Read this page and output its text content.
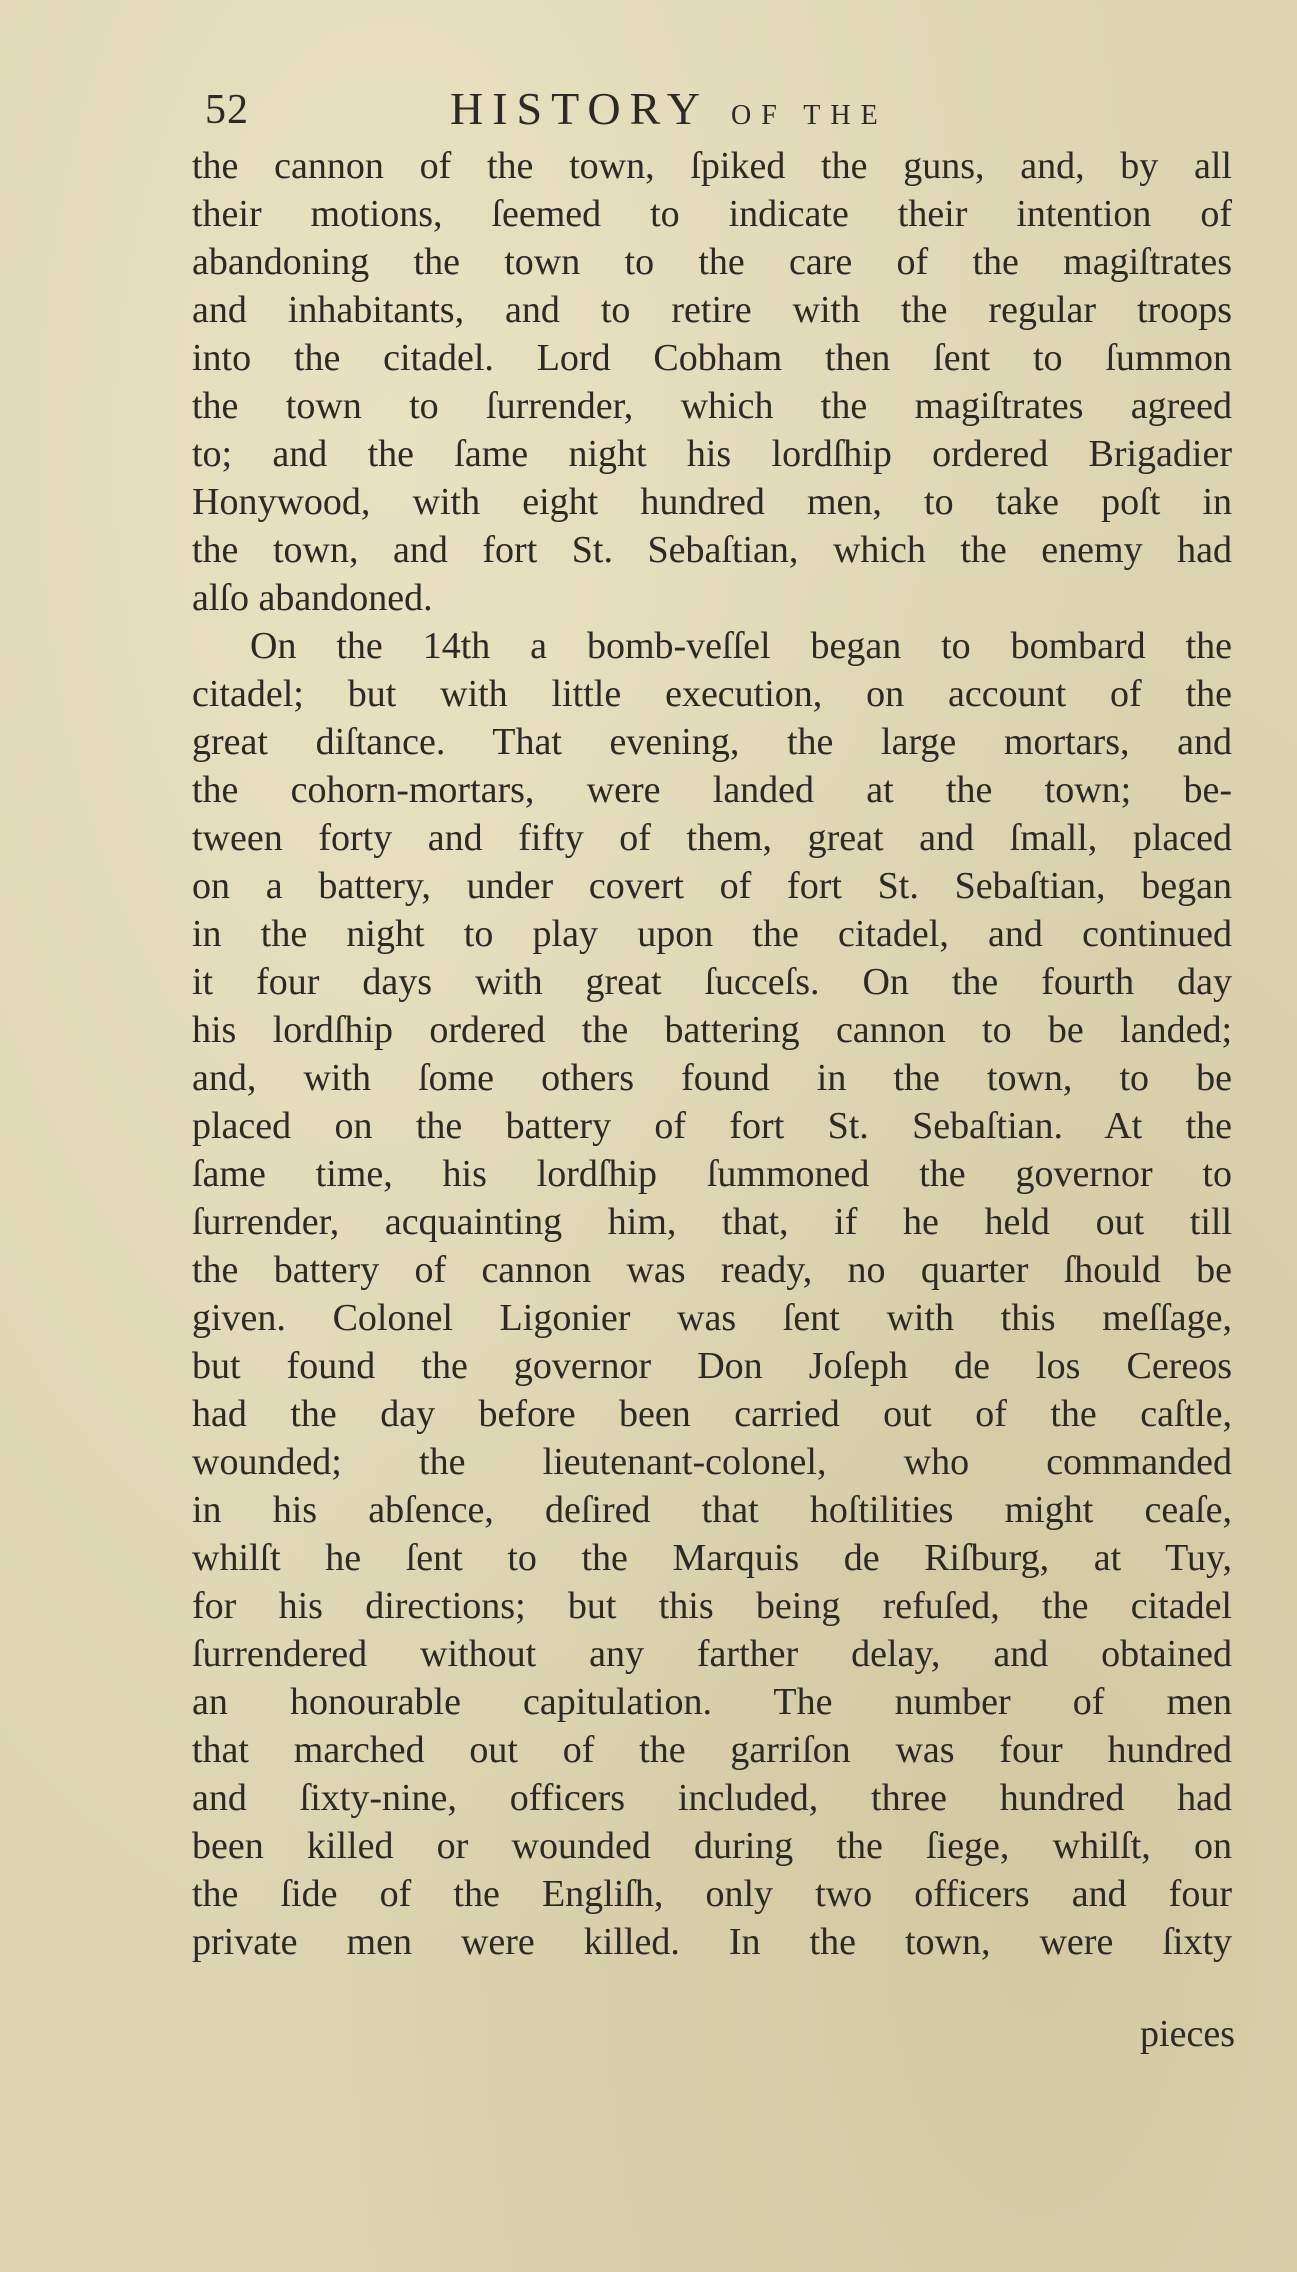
52	HISTORY OF THE
the cannon of the town, ſpiked the guns, and, by all
their motions, ſeemed to indicate their intention of
abandoning the town to the care of the magiſtrates
and inhabitants, and to retire with the regular troops
into the citadel. Lord Cobham then ſent to ſummon
the town to ſurrender, which the magiſtrates agreed
to; and the ſame night his lordſhip ordered Brigadier
Honywood, with eight hundred men, to take poſt in
the town, and fort St. Sebaſtian, which the enemy had
alſo abandoned.
On the 14th a bomb-veſſel began to bombard the
citadel; but with little execution, on account of the
great diſtance. That evening, the large mortars, and
the cohorn-mortars, were landed at the town; be-
tween forty and fifty of them, great and ſmall, placed
on a battery, under covert of fort St. Sebaſtian, began
in the night to play upon the citadel, and continued
it four days with great ſucceſs. On the fourth day
his lordſhip ordered the battering cannon to be landed;
and, with ſome others found in the town, to be
placed on the battery of fort St. Sebaſtian. At the
ſame time, his lordſhip ſummoned the governor to
ſurrender, acquainting him, that, if he held out till
the battery of cannon was ready, no quarter ſhould be
given. Colonel Ligonier was ſent with this meſſage,
but found the governor Don Joſeph de los Cereos
had the day before been carried out of the caſtle,
wounded; the lieutenant-colonel, who commanded
in his abſence, deſired that hoſtilities might ceaſe,
whilſt he ſent to the Marquis de Riſburg, at Tuy,
for his directions; but this being refuſed, the citadel
ſurrendered without any farther delay, and obtained
an honourable capitulation. The number of men
that marched out of the garriſon was four hundred
and ſixty-nine, officers included, three hundred had
been killed or wounded during the ſiege, whilſt, on
the ſide of the Engliſh, only two officers and four
private men were killed. In the town, were ſixty
pieces
